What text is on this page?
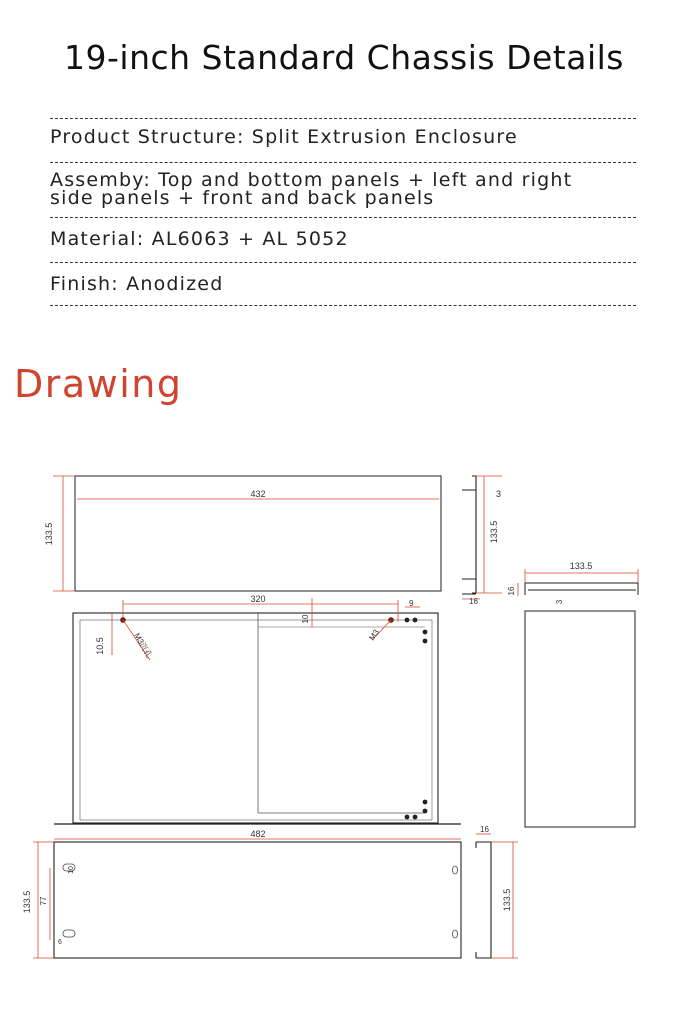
19-inch Standard Chassis Details
Product Structure: Split Extrusion Enclosure
Assemby: Top and bottom panels + left and right
side panels + front and back panels
Material: AL6063 + AL 5052
Finish: Anodized
Drawing
432
133.5
3
133.5
16
133.5
16
3
320
10.5
10
M3沉孔	M3
9
482
133.5 77
10
6
16
133.5
